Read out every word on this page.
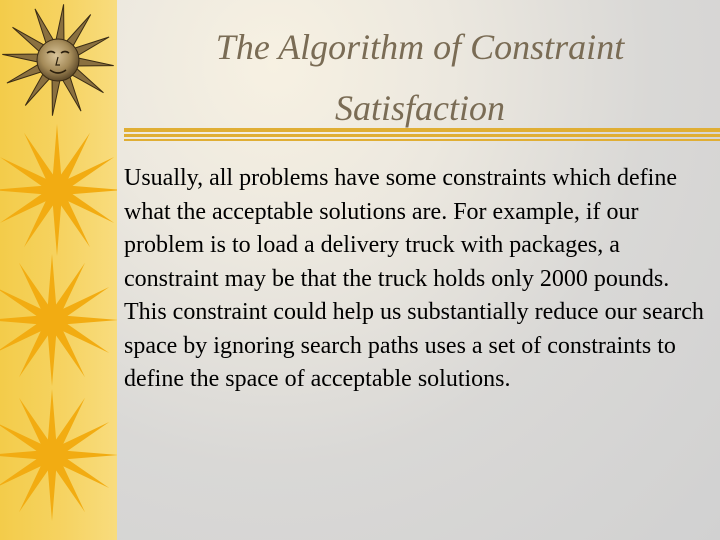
The Algorithm of Constraint
Satisfaction

Usually, all problems have some constraints which define what the acceptable solutions are. For example, if our problem is to load a delivery truck with packages, a constraint may be that the truck holds only 2000 pounds. This constraint could help us substantially reduce our search space by ignoring search paths uses a set of constraints to define the space of acceptable solutions.
